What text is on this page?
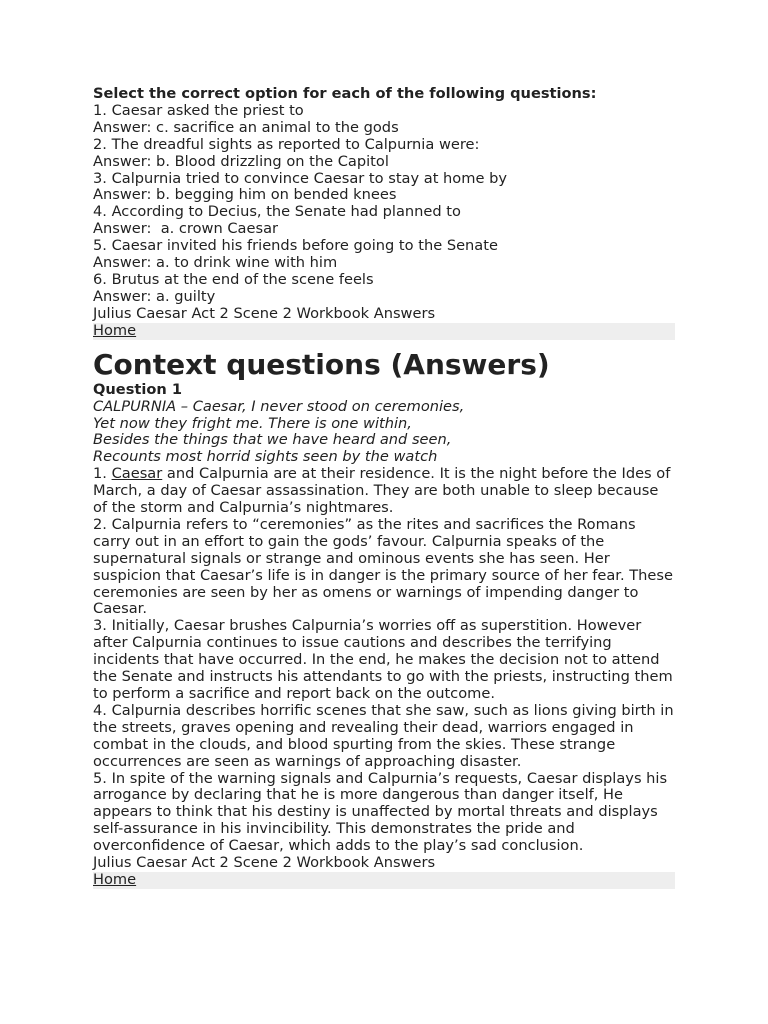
Select the correct option for each of the following questions:
1. Caesar asked the priest to
Answer: c. sacrifice an animal to the gods
2. The dreadful sights as reported to Calpurnia were:
Answer: b. Blood drizzling on the Capitol
3. Calpurnia tried to convince Caesar to stay at home by
Answer: b. begging him on bended knees
4. According to Decius, the Senate had planned to
Answer:  a. crown Caesar
5. Caesar invited his friends before going to the Senate
Answer: a. to drink wine with him
6. Brutus at the end of the scene feels
Answer: a. guilty
Julius Caesar Act 2 Scene 2 Workbook Answers
Home
Context questions (Answers)
Question 1
CALPURNIA – Caesar, I never stood on ceremonies,
Yet now they fright me. There is one within,
Besides the things that we have heard and seen,
Recounts most horrid sights seen by the watch
1. Caesar and Calpurnia are at their residence. It is the night before the Ides of March, a day of Caesar assassination. They are both unable to sleep because of the storm and Calpurnia’s nightmares.
2. Calpurnia refers to “ceremonies” as the rites and sacrifices the Romans carry out in an effort to gain the gods’ favour. Calpurnia speaks of the supernatural signals or strange and ominous events she has seen. Her suspicion that Caesar’s life is in danger is the primary source of her fear. These ceremonies are seen by her as omens or warnings of impending danger to Caesar.
3. Initially, Caesar brushes Calpurnia’s worries off as superstition. However after Calpurnia continues to issue cautions and describes the terrifying incidents that have occurred. In the end, he makes the decision not to attend the Senate and instructs his attendants to go with the priests, instructing them to perform a sacrifice and report back on the outcome.
4. Calpurnia describes horrific scenes that she saw, such as lions giving birth in the streets, graves opening and revealing their dead, warriors engaged in combat in the clouds, and blood spurting from the skies. These strange occurrences are seen as warnings of approaching disaster.
5. In spite of the warning signals and Calpurnia’s requests, Caesar displays his arrogance by declaring that he is more dangerous than danger itself, He appears to think that his destiny is unaffected by mortal threats and displays self-assurance in his invincibility. This demonstrates the pride and overconfidence of Caesar, which adds to the play’s sad conclusion.
Julius Caesar Act 2 Scene 2 Workbook Answers
Home
